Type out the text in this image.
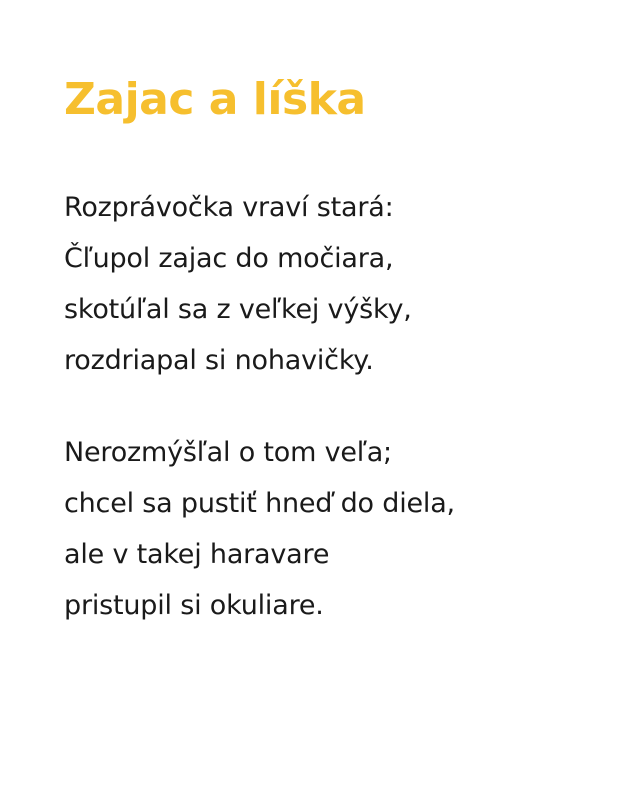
Zajac a líška
Rozprávočka vraví stará:
Čľupol zajac do močiara,
skotúľal sa z veľkej výšky,
rozdriapal si nohavičky.
Nerozmýšľal o tom veľa;
chcel sa pustiť hneď do diela,
ale v takej haravare
pristupil si okuliare.
